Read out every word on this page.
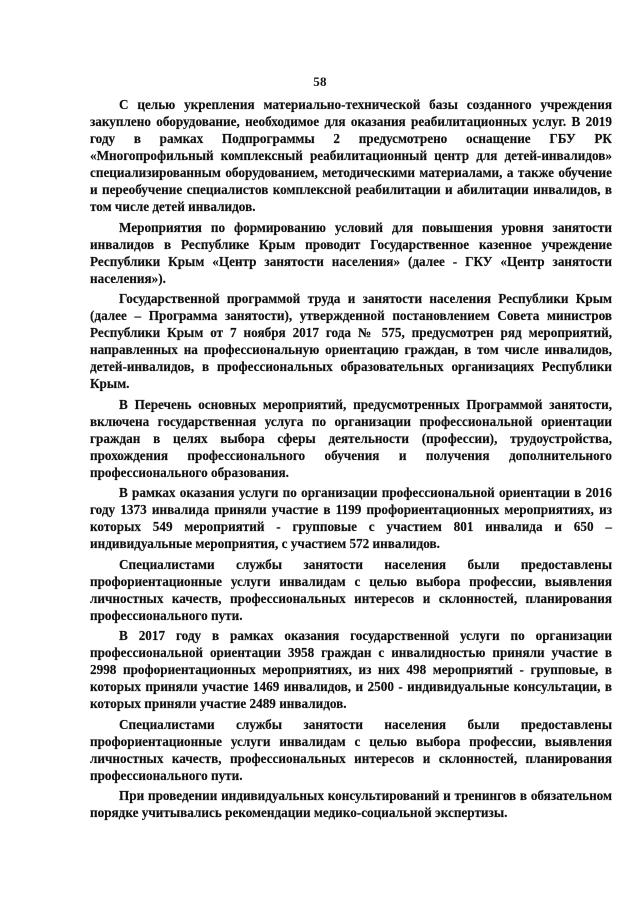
58

С целью укрепления материально-технической базы созданного учреждения закуплено оборудование, необходимое для оказания реабилитационных услуг. В 2019 году в рамках Подпрограммы 2 предусмотрено оснащение ГБУ РК «Многопрофильный комплексный реабилитационный центр для детей-инвалидов» специализированным оборудованием, методическими материалами, а также обучение и переобучение специалистов комплексной реабилитации и абилитации инвалидов, в том числе детей инвалидов.

Мероприятия по формированию условий для повышения уровня занятости инвалидов в Республике Крым проводит Государственное казенное учреждение Республики Крым «Центр занятости населения» (далее - ГКУ «Центр занятости населения»).

Государственной программой труда и занятости населения Республики Крым (далее – Программа занятости), утвержденной постановлением Совета министров Республики Крым от 7 ноября 2017 года № 575, предусмотрен ряд мероприятий, направленных на профессиональную ориентацию граждан, в том числе инвалидов, детей-инвалидов, в профессиональных образовательных организациях Республики Крым.

В Перечень основных мероприятий, предусмотренных Программой занятости, включена государственная услуга по организации профессиональной ориентации граждан в целях выбора сферы деятельности (профессии), трудоустройства, прохождения профессионального обучения и получения дополнительного профессионального образования.

В рамках оказания услуги по организации профессиональной ориентации в 2016 году 1373 инвалида приняли участие в 1199 профориентационных мероприятиях, из которых 549 мероприятий - групповые с участием 801 инвалида и 650 – индивидуальные мероприятия, с участием 572 инвалидов.

Специалистами службы занятости населения были предоставлены профориентационные услуги инвалидам с целью выбора профессии, выявления личностных качеств, профессиональных интересов и склонностей, планирования профессионального пути.

В 2017 году в рамках оказания государственной услуги по организации профессиональной ориентации 3958 граждан с инвалидностью приняли участие в 2998 профориентационных мероприятиях, из них 498 мероприятий - групповые, в которых приняли участие 1469 инвалидов, и 2500 - индивидуальные консультации, в которых приняли участие 2489 инвалидов.

Специалистами службы занятости населения были предоставлены профориентационные услуги инвалидам с целью выбора профессии, выявления личностных качеств, профессиональных интересов и склонностей, планирования профессионального пути.

При проведении индивидуальных консультирований и тренингов в обязательном порядке учитывались рекомендации медико-социальной экспертизы.
